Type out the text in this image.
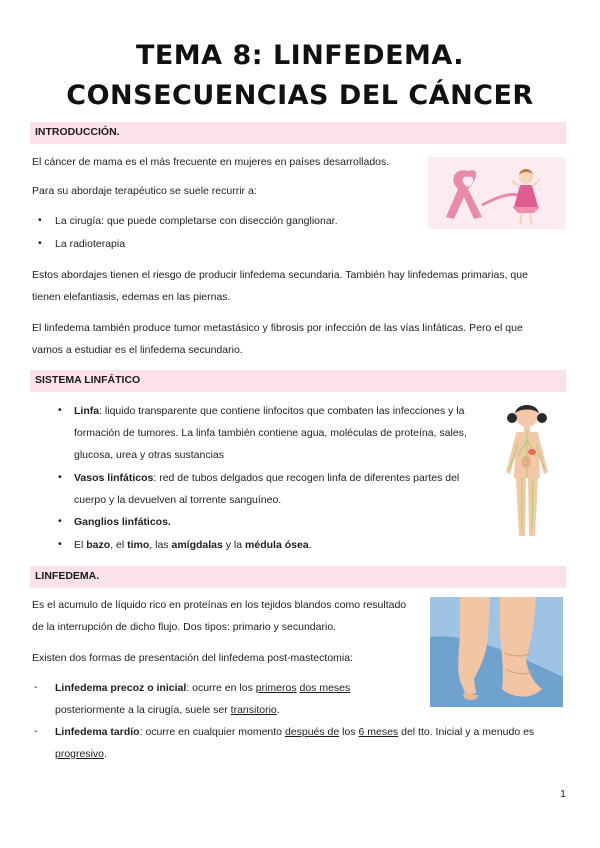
TEMA 8: LINFEDEMA. CONSECUENCIAS DEL CÁNCER
INTRODUCCIÓN.
El cáncer de mama es el más frecuente en mujeres en países desarrollados.
Para su abordaje terapéutico se suele recurrir a:
• La cirugía: que puede completarse con disección ganglionar.
• La radioterapia
Estos abordajes tienen el riesgo de producir linfedema secundaria. También hay linfedemas primarias, que
tienen elefantiasis, edemas en las piernas.
El linfedema también produce tumor metastásico y fibrosis por infección de las vías linfáticas. Pero el que
vamos a estudiar es el linfedema secundario.
SISTEMA LINFÁTICO
• Linfa: liquido transparente que contiene linfocitos que combaten las infecciones y la
formación de tumores. La linfa también contiene agua, moléculas de proteína, sales,
glucosa, urea y otras sustancias
• Vasos linfáticos: red de tubos delgados que recogen linfa de diferentes partes del
cuerpo y la devuelven al torrente sanguíneo.
• Ganglios linfáticos.
• El bazo, el timo, las amígdalas y la médula ósea.
LINFEDEMA.
Es el acumulo de líquido rico en proteínas en los tejidos blandos como resultado
de la interrupción de dicho flujo. Dos tipos: primario y secundario.
Existen dos formas de presentación del linfedema post-mastectomia:
- Linfedema precoz o inicial: ocurre en los primeros dos meses
posteriormente a la cirugía, suele ser transitorio.
- Linfedema tardío: ocurre en cualquier momento después de los 6 meses del tto. Inicial y a menudo es
progresivo.
1
